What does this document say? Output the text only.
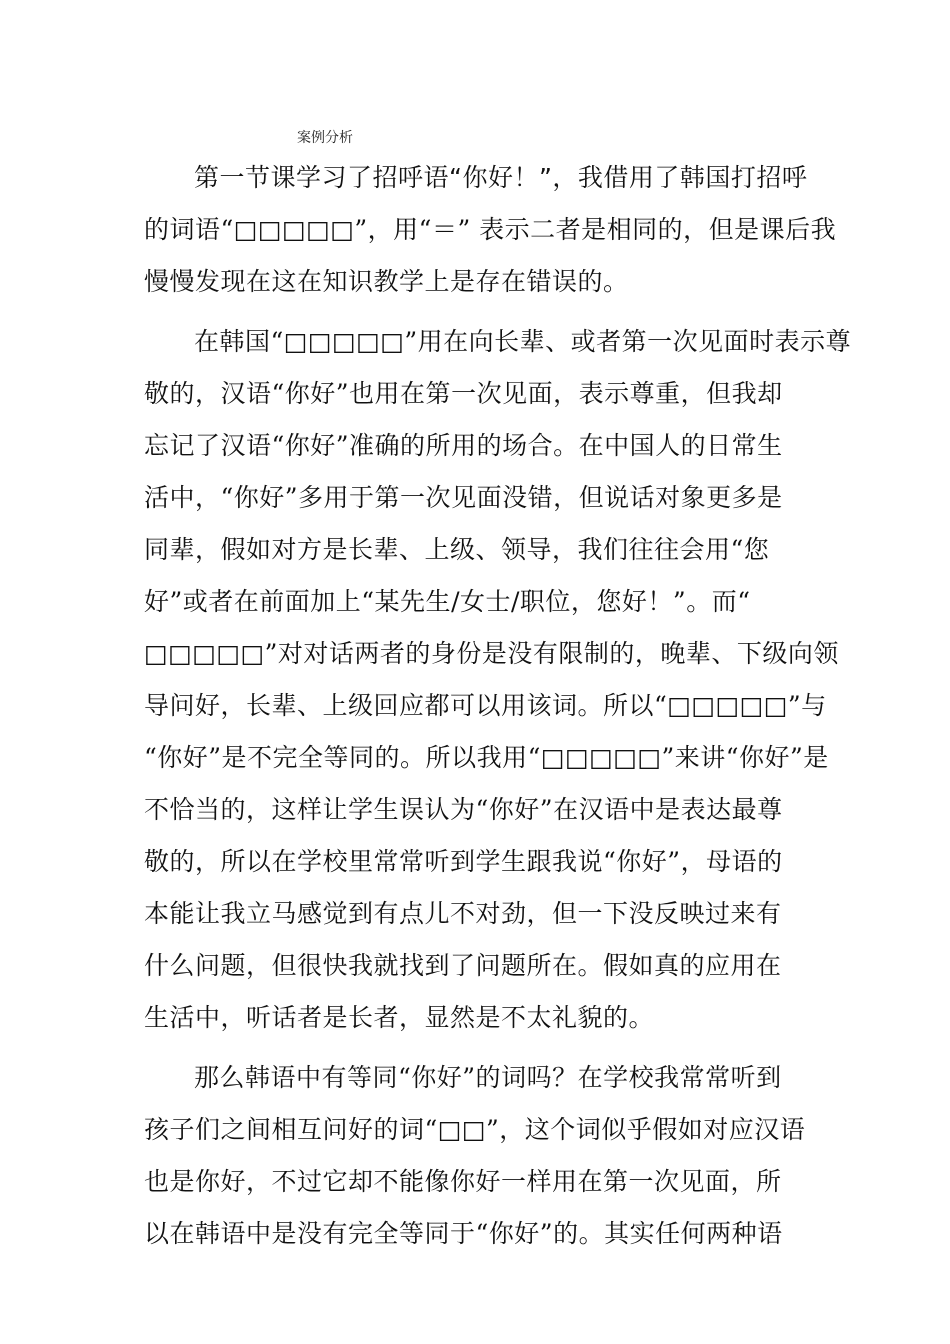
案例分析
第一节课学习了招呼语“你好！”，我借用了韩国打招呼
的词语“□□□□□”，用“＝” 表示二者是相同的，但是课后我
慢慢发现在这在知识教学上是存在错误的。
在韩国“□□□□□”用在向长辈、或者第一次见面时表示尊
敬的，汉语“你好”也用在第一次见面，表示尊重，但我却
忘记了汉语“你好”准确的所用的场合。在中国人的日常生
活中，“你好”多用于第一次见面没错，但说话对象更多是
同辈，假如对方是长辈、上级、领导，我们往往会用“您
好”或者在前面加上“某先生/女士/职位，您好！”。而“
□□□□□”对对话两者的身份是没有限制的，晚辈、下级向领
导问好，长辈、上级回应都可以用该词。所以“□□□□□”与
“你好”是不完全等同的。所以我用“□□□□□”来讲“你好”是
不恰当的，这样让学生误认为“你好”在汉语中是表达最尊
敬的，所以在学校里常常听到学生跟我说“你好”，母语的
本能让我立马感觉到有点儿不对劲，但一下没反映过来有
什么问题，但很快我就找到了问题所在。假如真的应用在
生活中，听话者是长者，显然是不太礼貌的。
那么韩语中有等同“你好”的词吗？在学校我常常听到
孩子们之间相互问好的词“□□”，这个词似乎假如对应汉语
也是你好，不过它却不能像你好一样用在第一次见面，所
以在韩语中是没有完全等同于“你好”的。其实任何两种语
